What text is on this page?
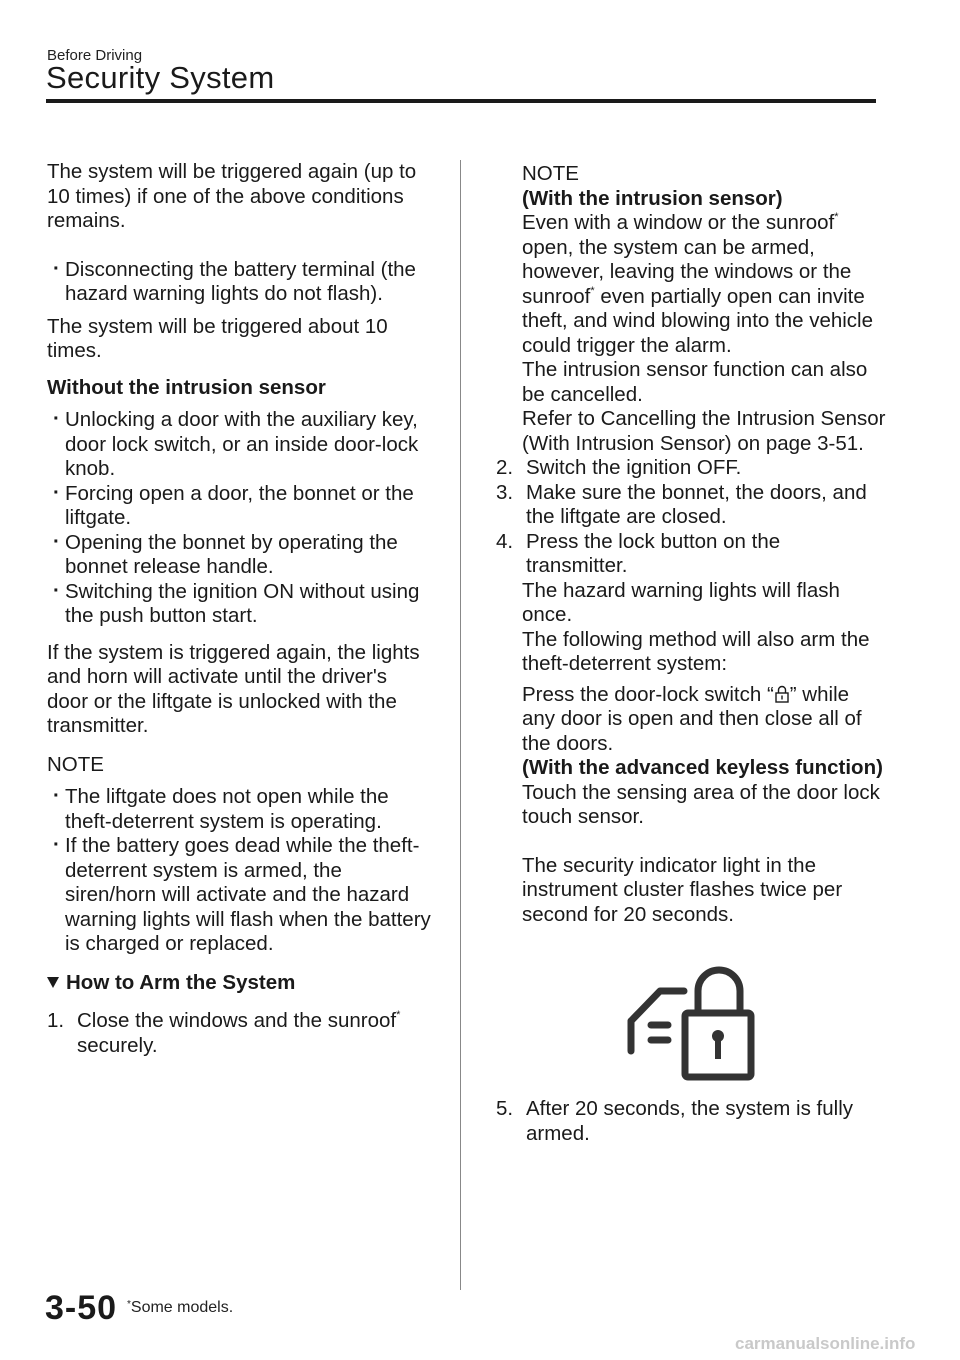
Before Driving
Security System

The system will be triggered again (up to 10 times) if one of the above conditions remains.

· Disconnecting the battery terminal (the hazard warning lights do not flash).

The system will be triggered about 10 times.

Without the intrusion sensor

· Unlocking a door with the auxiliary key, door lock switch, or an inside door-lock knob.
· Forcing open a door, the bonnet or the liftgate.
· Opening the bonnet by operating the bonnet release handle.
· Switching the ignition ON without using the push button start.

If the system is triggered again, the lights and horn will activate until the driver's door or the liftgate is unlocked with the transmitter.

NOTE

· The liftgate does not open while the theft-deterrent system is operating.
· If the battery goes dead while the theft-deterrent system is armed, the siren/horn will activate and the hazard warning lights will flash when the battery is charged or replaced.
How to Arm the System
1. Close the windows and the sunroof* securely.

NOTE

(With the intrusion sensor)

Even with a window or the sunroof* open, the system can be armed, however, leaving the windows or the sunroof* even partially open can invite theft, and wind blowing into the vehicle could trigger the alarm.

The intrusion sensor function can also be cancelled.

Refer to Cancelling the Intrusion Sensor (With Intrusion Sensor) on page 3-51.

2. Switch the ignition OFF.
3. Make sure the bonnet, the doors, and the liftgate are closed.
4. Press the lock button on the transmitter.

The hazard warning lights will flash once.

The following method will also arm the theft-deterrent system:

Press the door-lock switch “ ” while any door is open and then close all of the doors.

(With the advanced keyless function)

Touch the sensing area of the door lock touch sensor.

The security indicator light in the instrument cluster flashes twice per second for 20 seconds.

5. After 20 seconds, the system is fully armed.
3-50 *Some models.
carmanualsonline.info
